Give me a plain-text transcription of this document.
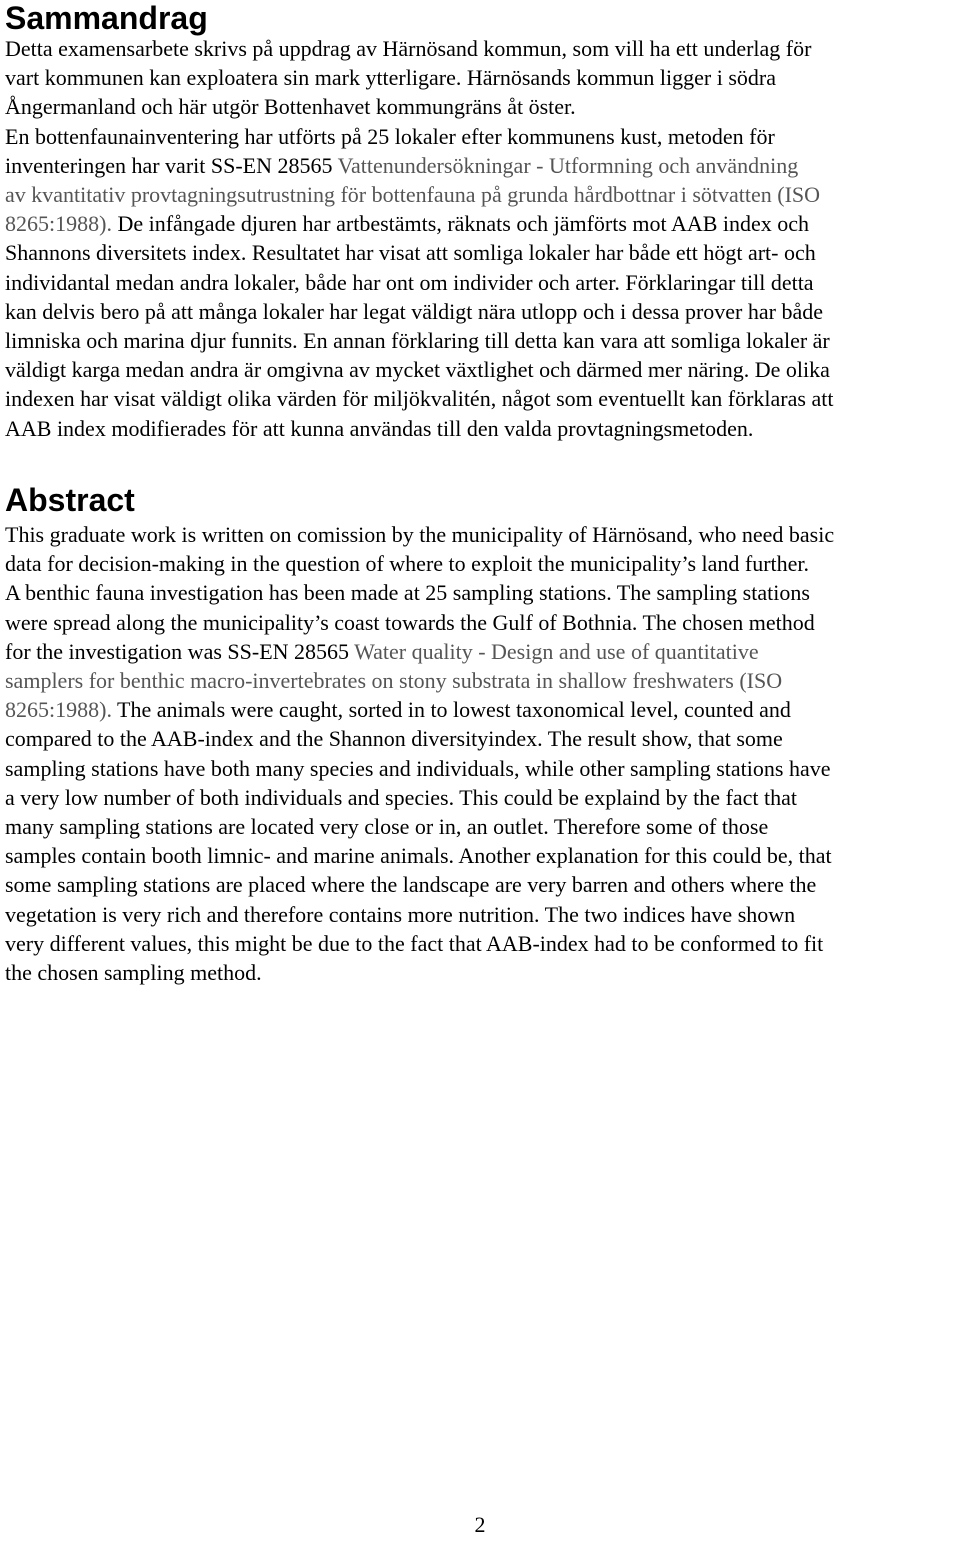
Sammandrag
Detta examensarbete skrivs på uppdrag av Härnösand kommun, som vill ha ett underlag för
vart kommunen kan exploatera sin mark ytterligare. Härnösands kommun ligger i södra
Ångermanland och här utgör Bottenhavet kommungräns åt öster.
En bottenfaunainventering har utförts på 25 lokaler efter kommunens kust, metoden för
inventeringen har varit SS-EN 28565 Vattenundersökningar - Utformning och användning
av kvantitativ provtagningsutrustning för bottenfauna på grunda hårdbottnar i sötvatten (ISO
8265:1988). De infångade djuren har artbestämts, räknats och jämförts mot AAB index och
Shannons diversitets index. Resultatet har visat att somliga lokaler har både ett högt art- och
individantal medan andra lokaler, både har ont om individer och arter. Förklaringar till detta
kan delvis bero på att många lokaler har legat väldigt nära utlopp och i dessa prover har både
limniska och marina djur funnits. En annan förklaring till detta kan vara att somliga lokaler är
väldigt karga medan andra är omgivna av mycket växtlighet och därmed mer näring. De olika
indexen har visat väldigt olika värden för miljökvalitén, något som eventuellt kan förklaras att
AAB index modifierades för att kunna användas till den valda provtagningsmetoden.
Abstract
This graduate work is written on comission by the municipality of Härnösand, who need basic
data for decision-making in the question of where to exploit the municipality’s land further.
A benthic fauna investigation has been made at 25 sampling stations. The sampling stations
were spread along the municipality’s coast towards the Gulf of Bothnia. The chosen method
for the investigation was SS-EN 28565 Water quality - Design and use of quantitative
samplers for benthic macro-invertebrates on stony substrata in shallow freshwaters (ISO
8265:1988). The animals were caught, sorted in to lowest taxonomical level, counted and
compared to the AAB-index and the Shannon diversityindex. The result show, that some
sampling stations have both many species and individuals, while other sampling stations have
a very low number of both individuals and species. This could be explaind by the fact that
many sampling stations are located very close or in, an outlet. Therefore some of those
samples contain booth limnic- and marine animals. Another explanation for this could be, that
some sampling stations are placed where the landscape are very barren and others where the
vegetation is very rich and therefore contains more nutrition. The two indices have shown
very different values, this might be due to the fact that AAB-index had to be conformed to fit
the chosen sampling method.
2
